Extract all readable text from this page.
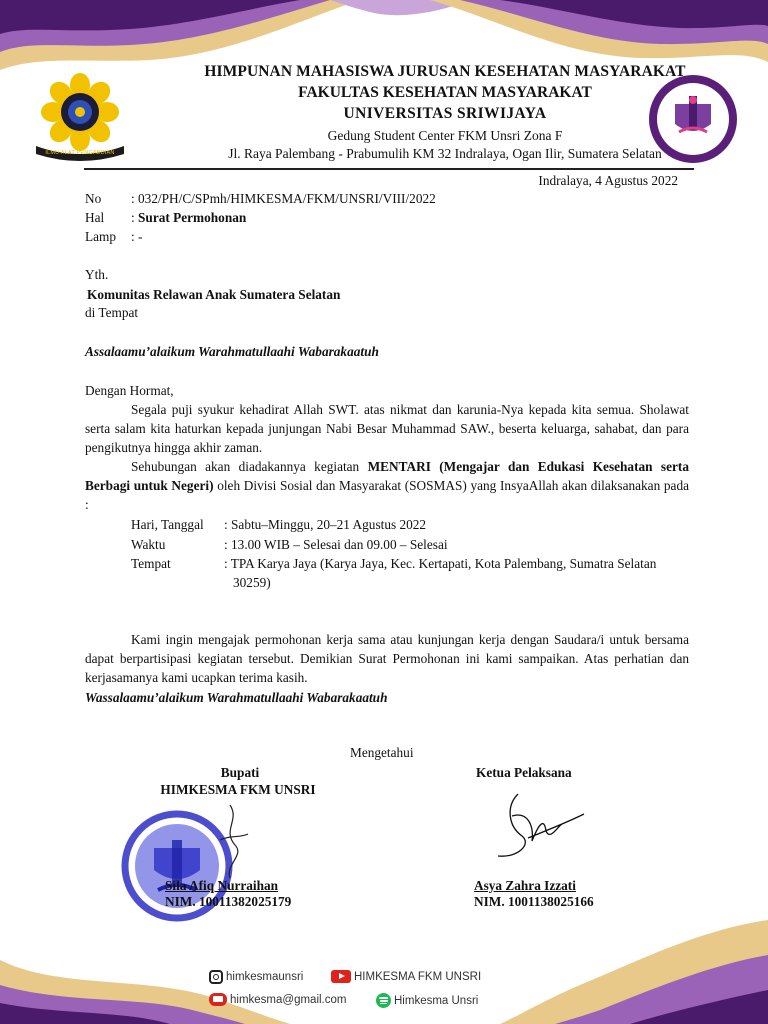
ILMU ALAT PENGABDIAN
HIMPUNAN MAHASISWA JURUSAN KESEHATAN MASYARAKAT
FAKULTAS KESEHATAN MASYARAKAT
UNIVERSITAS SRIWIJAYA
Gedung Student Center FKM Unsri Zona F
Jl. Raya Palembang - Prabumulih KM 32 Indralaya, Ogan Ilir, Sumatera Selatan
Indralaya, 4 Agustus 2022
No : 032/PH/C/SPmh/HIMKESMA/FKM/UNSRI/VIII/2022
Hal : Surat Permohonan
Lamp : -
Yth.
Komunitas Relawan Anak Sumatera Selatan
di Tempat
Assalaamu’alaikum Warahmatullaahi Wabarakaatuh
Dengan Hormat,
Segala puji syukur kehadirat Allah SWT. atas nikmat dan karunia-Nya kepada kita semua. Sholawat serta salam kita haturkan kepada junjungan Nabi Besar Muhammad SAW., beserta keluarga, sahabat, dan para pengikutnya hingga akhir zaman.
Sehubungan akan diadakannya kegiatan MENTARI (Mengajar dan Edukasi Kesehatan serta Berbagi untuk Negeri) oleh Divisi Sosial dan Masyarakat (SOSMAS) yang InsyaAllah akan dilaksanakan pada :
Hari, Tanggal : Sabtu–Minggu, 20–21 Agustus 2022
Waktu	: 13.00 WIB – Selesai dan 09.00 – Selesai
Tempat	: TPA Karya Jaya (Karya Jaya, Kec. Kertapati, Kota Palembang, Sumatra Selatan
30259)
Kami ingin mengajak permohonan kerja sama atau kunjungan kerja dengan Saudara/i untuk bersama dapat berpartisipasi kegiatan tersebut. Demikian Surat Permohonan ini kami sampaikan. Atas perhatian dan kerjasamanya kami ucapkan terima kasih.
Wassalaamu’alaikum Warahmatullaahi Wabarakaatuh
Mengetahui
Bupati
HIMKESMA FKM UNSRI
Ketua Pelaksana
Sila Afiq Nurraihan
NIM. 10011382025179
Asya Zahra Izzati
NIM. 1001138025166
himkesmaunsri	HIMKESMA FKM UNSRI
himkesma@gmail.com	Himkesma Unsri
